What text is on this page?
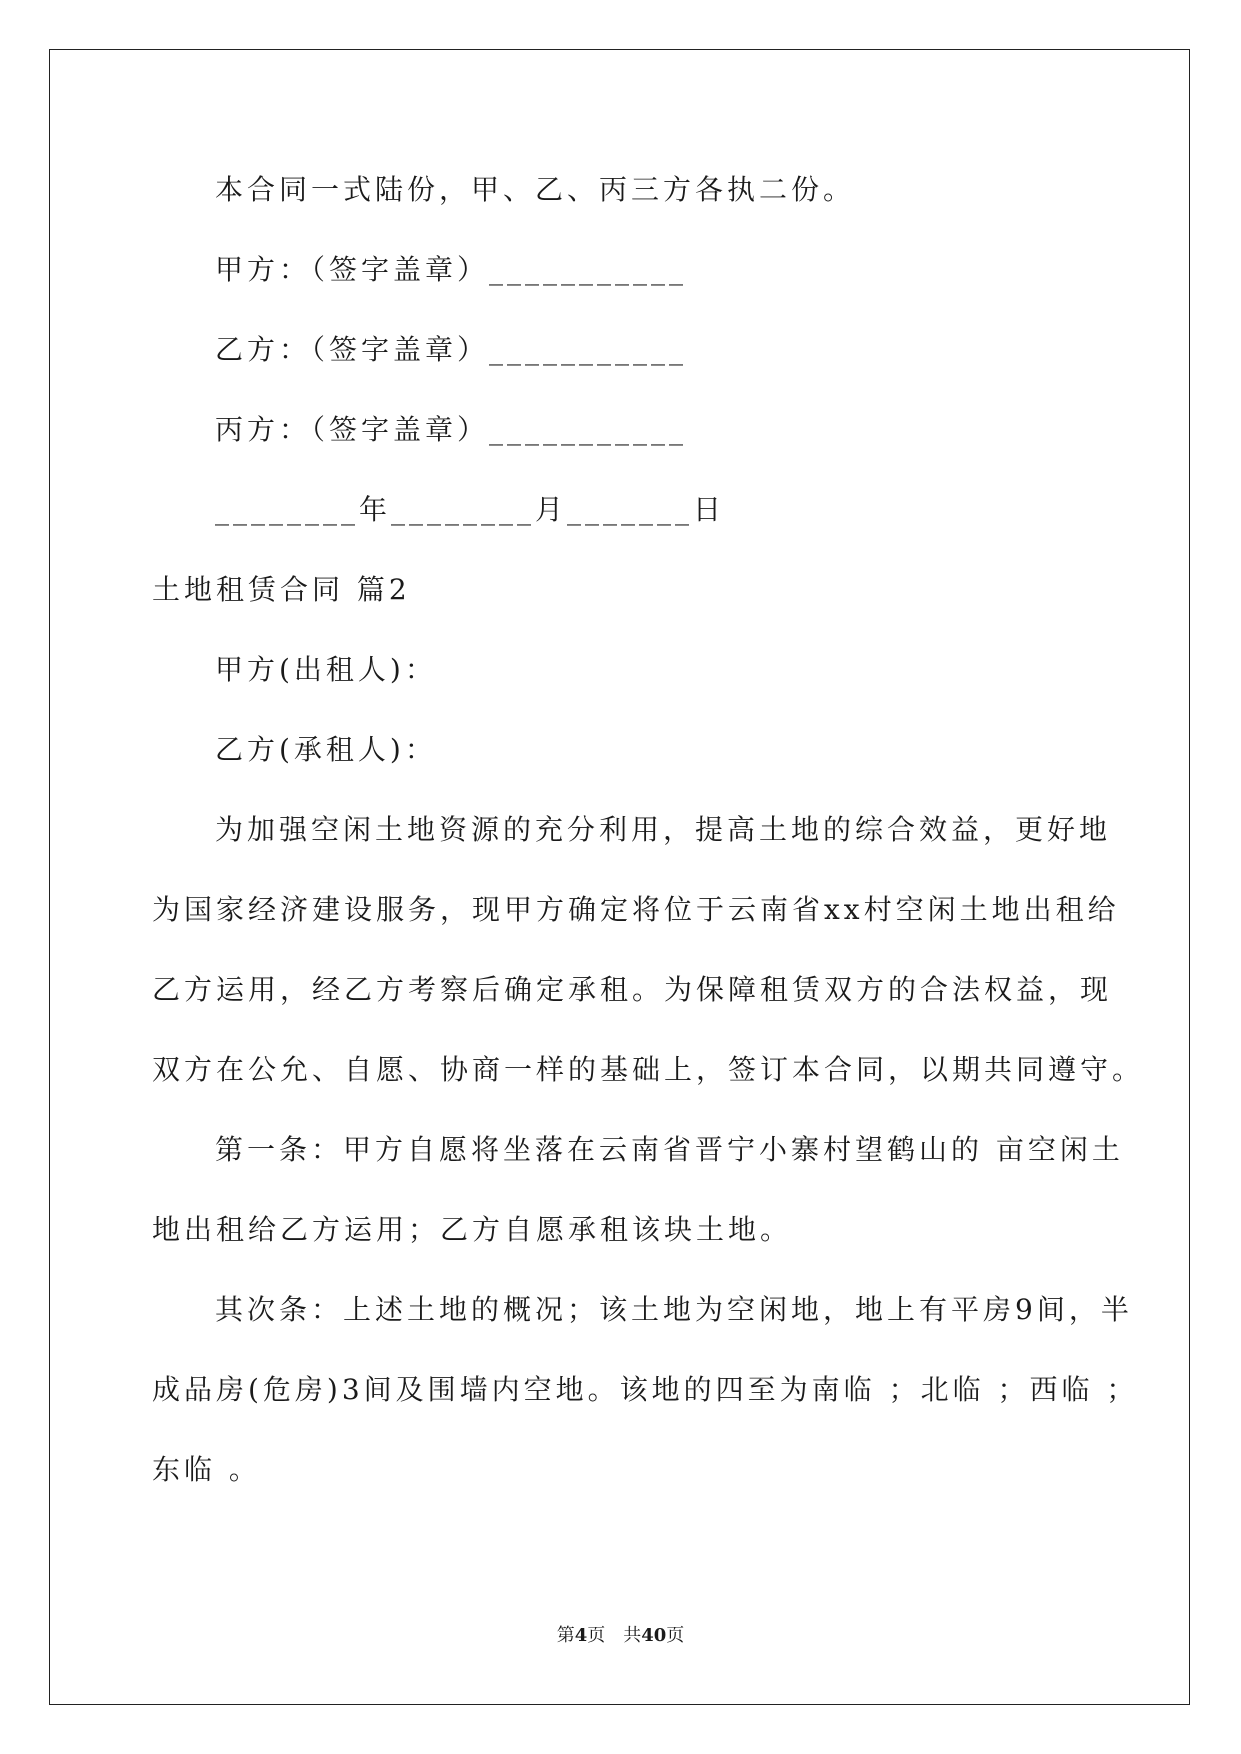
本合同一式陆份，甲、乙、丙三方各执二份。
甲方：（签字盖章）___________
乙方：（签字盖章）___________
丙方：（签字盖章）___________
________年________月_______日
土地租赁合同 篇2
甲方(出租人)：
乙方(承租人)：
为加强空闲土地资源的充分利用，提高土地的综合效益，更好地
为国家经济建设服务，现甲方确定将位于云南省xx村空闲土地出租给
乙方运用，经乙方考察后确定承租。为保障租赁双方的合法权益，现
双方在公允、自愿、协商一样的基础上，签订本合同，以期共同遵守。
第一条：甲方自愿将坐落在云南省晋宁小寨村望鹤山的 亩空闲土
地出租给乙方运用；乙方自愿承租该块土地。
其次条：上述土地的概况；该土地为空闲地，地上有平房9间，半
成品房(危房)3间及围墙内空地。该地的四至为南临 ；北临 ；西临 ；
东临 。
第4页　共40页
